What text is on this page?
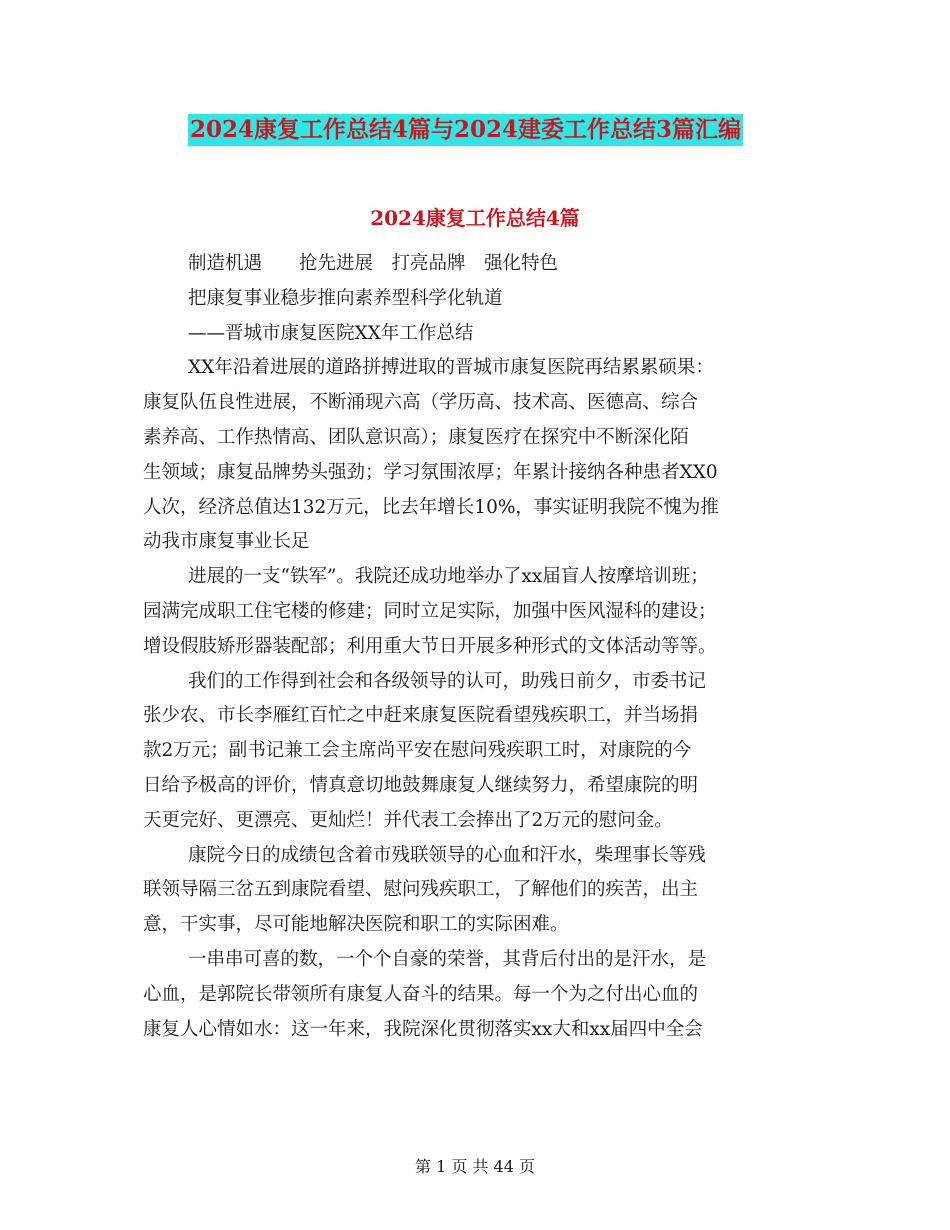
2024康复工作总结4篇与2024建委工作总结3篇汇编
2024康复工作总结4篇
制造机遇　　抢先进展　打亮品牌　强化特色
把康复事业稳步推向素养型科学化轨道
——晋城市康复医院XX年工作总结
XX年沿着进展的道路拼搏进取的晋城市康复医院再结累累硕果：
康复队伍良性进展，不断涌现六高（学历高、技术高、医德高、综合
素养高、工作热情高、团队意识高）；康复医疗在探究中不断深化陌
生领域；康复品牌势头强劲；学习氛围浓厚；年累计接纳各种患者XX0
人次，经济总值达132万元，比去年增长10%，事实证明我院不愧为推
动我市康复事业长足
进展的一支“铁军”。我院还成功地举办了xx届盲人按摩培训班；
园满完成职工住宅楼的修建；同时立足实际，加强中医风湿科的建设；
增设假肢矫形器装配部；利用重大节日开展多种形式的文体活动等等。
我们的工作得到社会和各级领导的认可，助残日前夕，市委书记
张少农、市长李雁红百忙之中赶来康复医院看望残疾职工，并当场捐
款2万元；副书记兼工会主席尚平安在慰问残疾职工时，对康院的今
日给予极高的评价，情真意切地鼓舞康复人继续努力，希望康院的明
天更完好、更漂亮、更灿烂！并代表工会捧出了2万元的慰问金。
康院今日的成绩包含着市残联领导的心血和汗水，柴理事长等残
联领导隔三岔五到康院看望、慰问残疾职工，了解他们的疾苦，出主
意，干实事，尽可能地解决医院和职工的实际困难。
一串串可喜的数，一个个自豪的荣誉，其背后付出的是汗水，是
心血，是郭院长带领所有康复人奋斗的结果。每一个为之付出心血的
康复人心情如水：这一年来，我院深化贯彻落实xx大和xx届四中全会
第 1 页 共 44 页
